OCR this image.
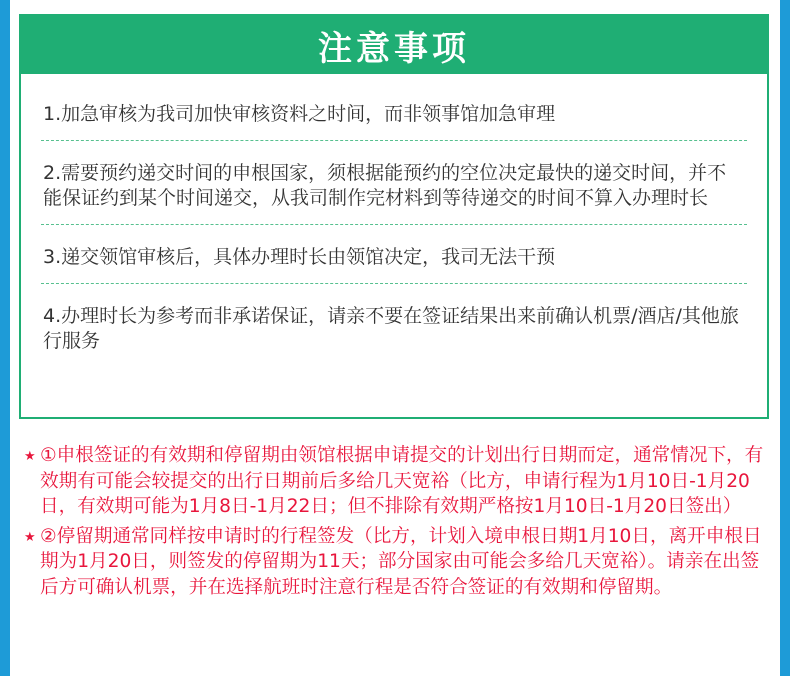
注意事项
1.加急审核为我司加快审核资料之时间，而非领事馆加急审理
2.需要预约递交时间的申根国家，须根据能预约的空位决定最快的递交时间，并不能保证约到某个时间递交，从我司制作完材料到等待递交的时间不算入办理时长
3.递交领馆审核后，具体办理时长由领馆决定，我司无法干预
4.办理时长为参考而非承诺保证，请亲不要在签证结果出来前确认机票/酒店/其他旅行服务
★ ①申根签证的有效期和停留期由领馆根据申请提交的计划出行日期而定，通常情况下，有效期有可能会较提交的出行日期前后多给几天宽裕（比方，申请行程为1月10日-1月20日，有效期可能为1月8日-1月22日；但不排除有效期严格按1月10日-1月20日签出）
★ ②停留期通常同样按申请时的行程签发（比方，计划入境申根日期1月10日，离开申根日期为1月20日，则签发的停留期为11天；部分国家由可能会多给几天宽裕）。请亲在出签后方可确认机票，并在选择航班时注意行程是否符合签证的有效期和停留期。
